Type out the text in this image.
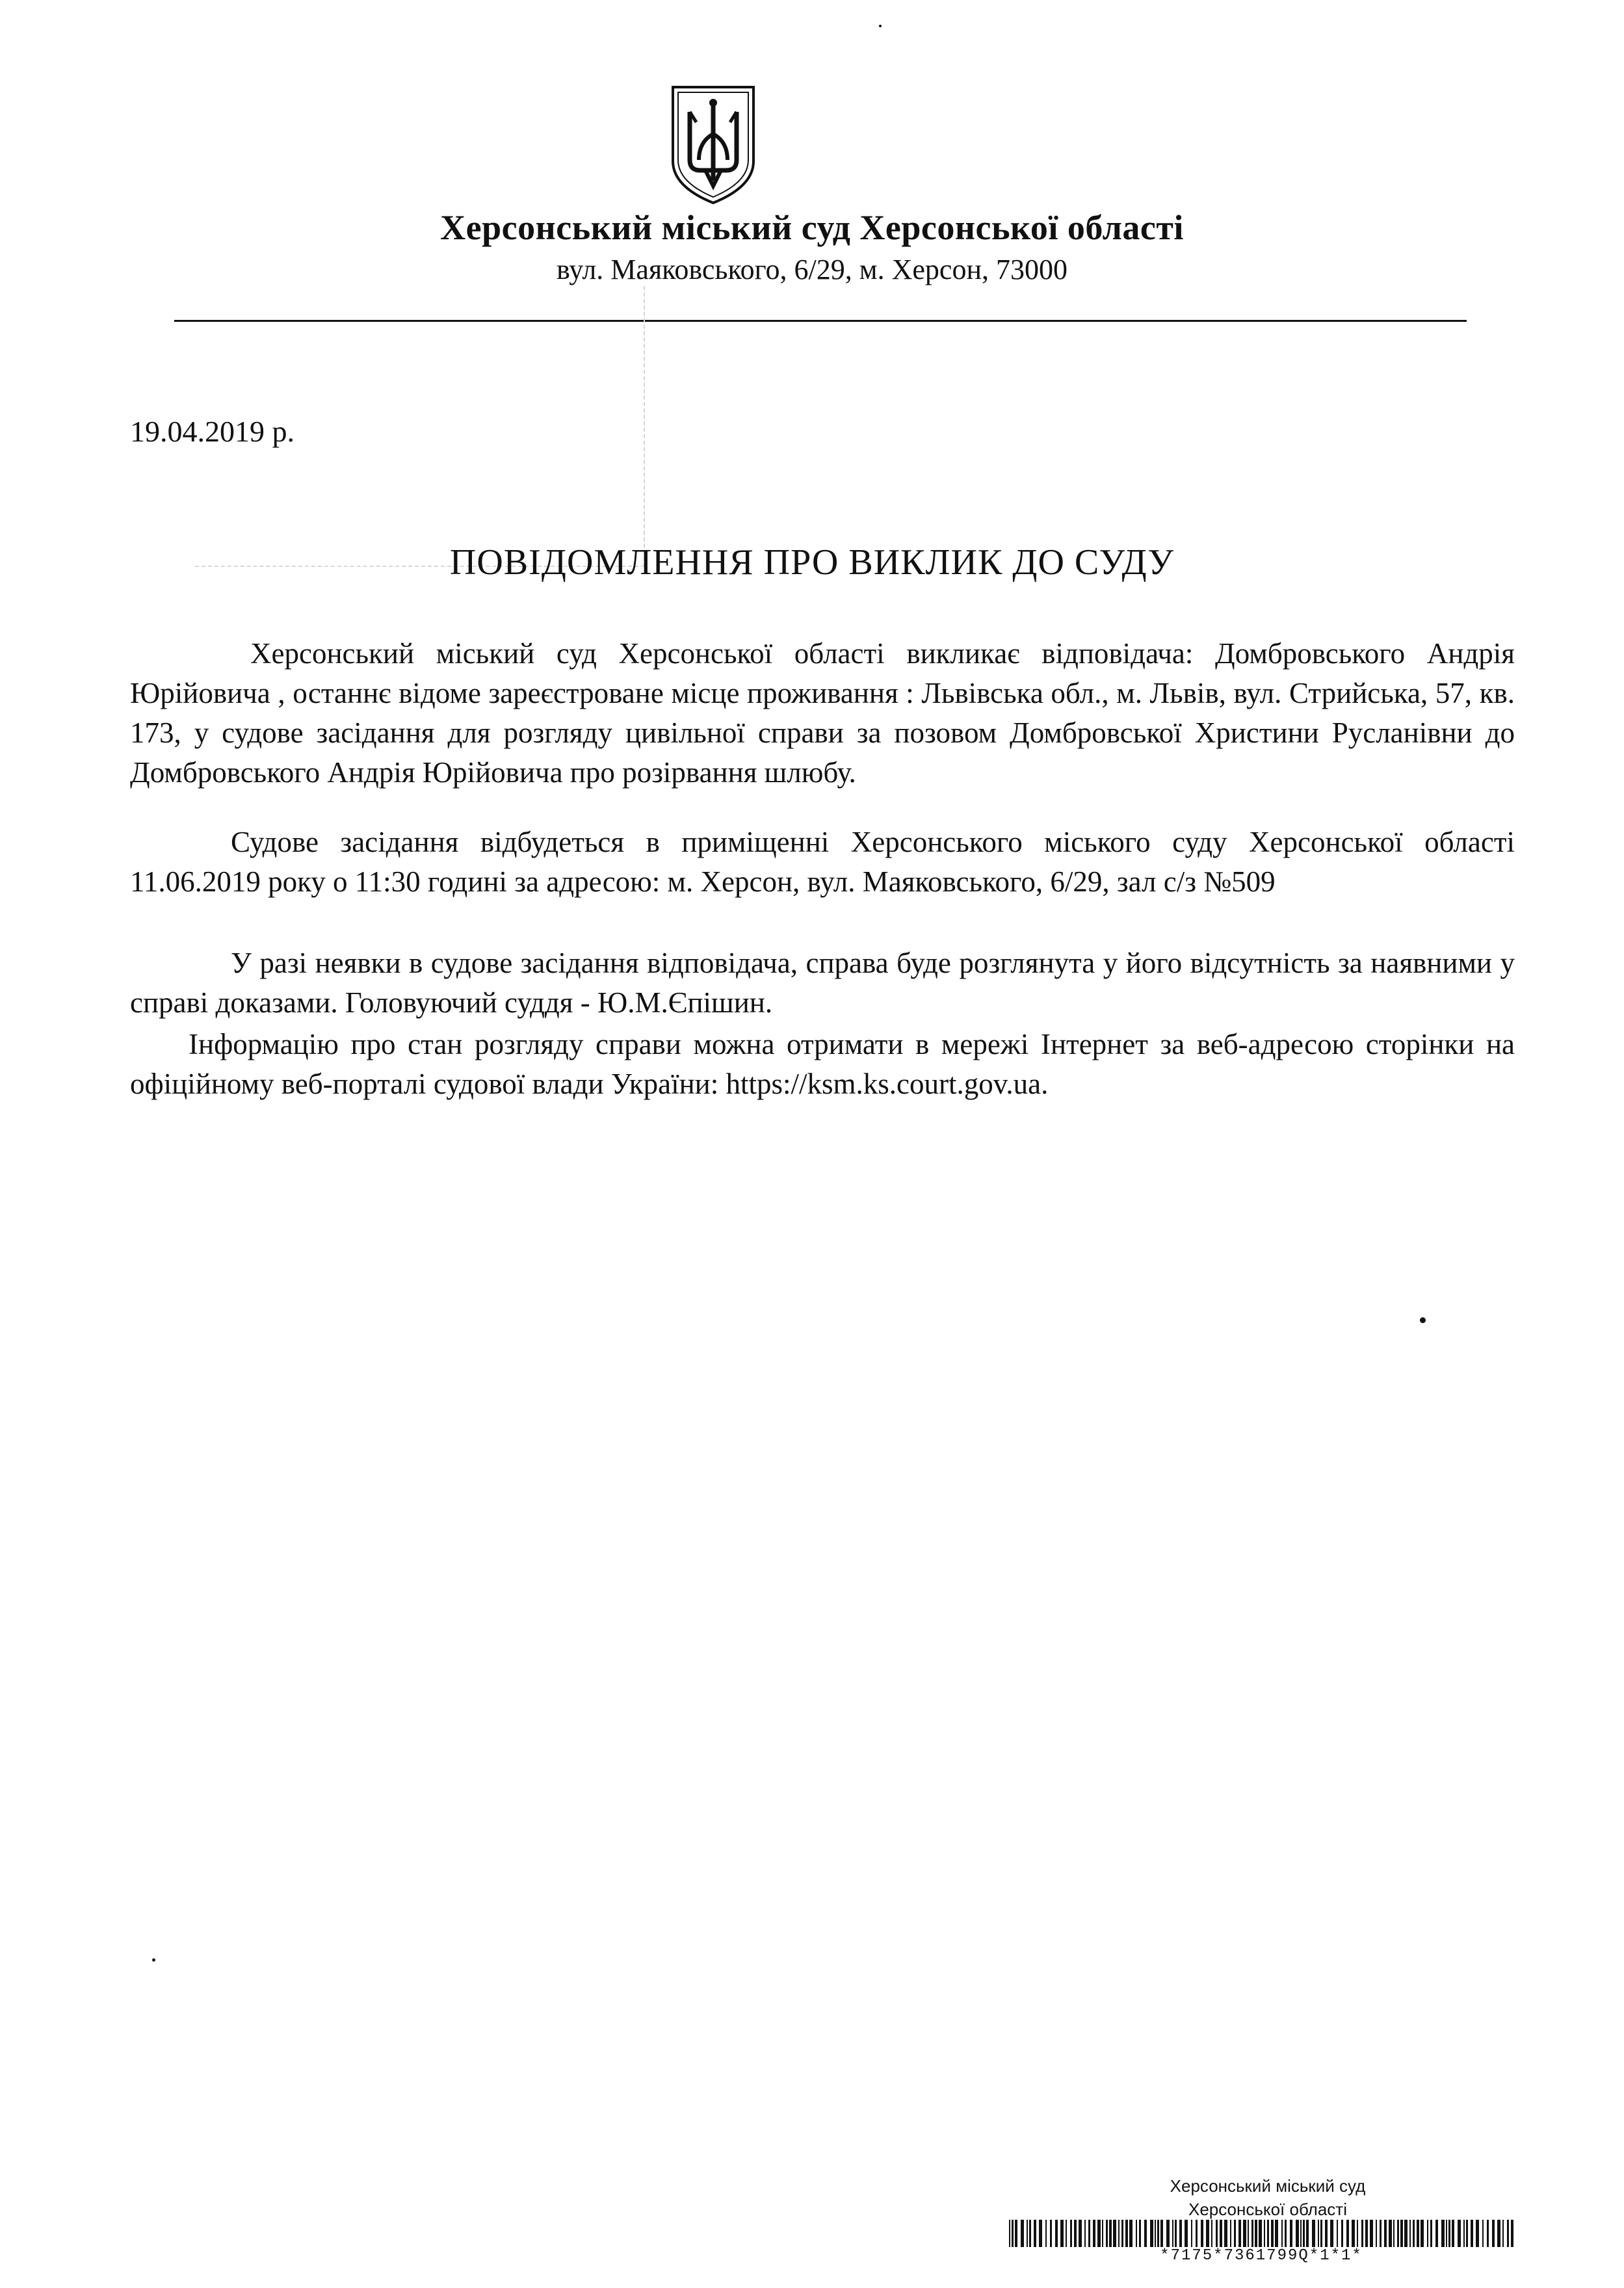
Херсонський міський суд Херсонської області
вул. Маяковського, 6/29, м. Херсон, 73000
19.04.2019 р.
ПОВІДОМЛЕННЯ ПРО ВИКЛИК ДО СУДУ

Херсонський міський суд Херсонської області викликає відповідача: Домбровського Андрія Юрійовича , останнє відоме зареєстроване місце проживання : Львівська обл., м. Львів, вул. Стрийська, 57, кв. 173, у судове засідання для розгляду цивільної справи за позовом Домбровської Христини Русланівни до Домбровського Андрія Юрійовича про розірвання шлюбу.

Судове засідання відбудеться в приміщенні Херсонського міського суду Херсонської області 11.06.2019 року о 11:30 годині за адресою: м. Херсон, вул. Маяковського, 6/29, зал с/з №509

У разі неявки в судове засідання відповідача, справа буде розглянута у його відсутність за наявними у справі доказами. Головуючий суддя - Ю.М.Єпішин.

Інформацію про стан розгляду справи можна отримати в мережі Інтернет за веб-адресою сторінки на офіційному веб-порталі судової влади України: https://ksm.ks.court.gov.ua.

Херсонський міський суд
Херсонської області
*7175*7361799Q*1*1*
